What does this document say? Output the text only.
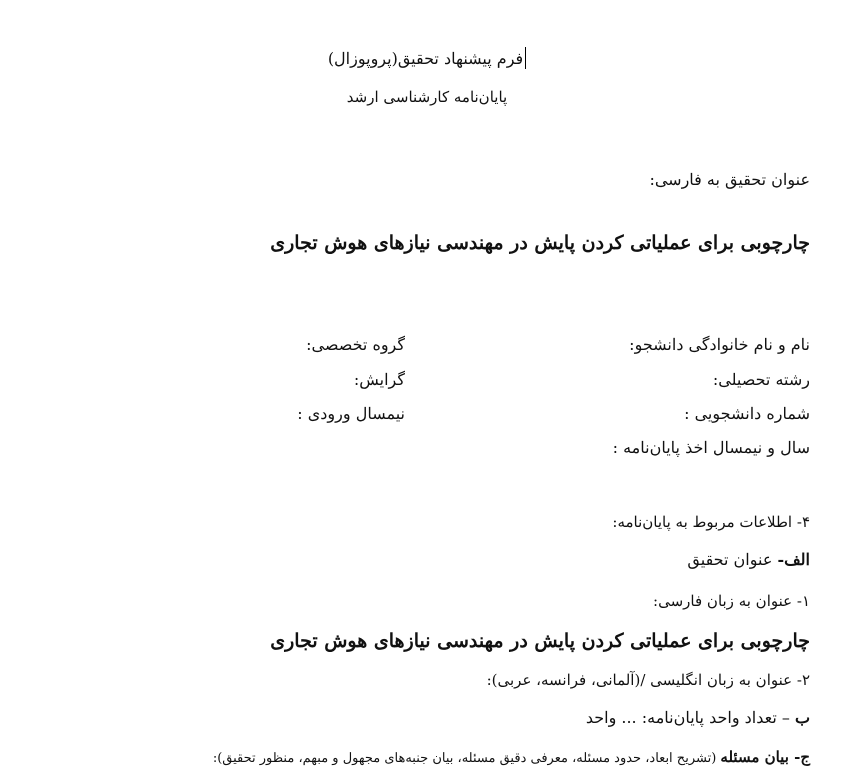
فرم پیشنهاد تحقیق(پروپوزال)
پایان‌نامه کارشناسی ارشد
عنوان تحقیق به فارسی:
چارچوبی برای عملیاتی کردن پایش در مهندسی نیازهای هوش تجاری
نام و نام خانوادگی دانشجو:
گروه تخصصی:
رشته تحصیلی:
گرایش:
شماره دانشجویی :
نیمسال ورودی :
سال و نیمسال اخذ پایان‌نامه :
۴- اطلاعات مربوط به پایان‌نامه:
الف- عنوان تحقیق
۱- عنوان به زبان فارسی:
چارچوبی برای عملیاتی کردن پایش در مهندسی نیازهای هوش تجاری
۲- عنوان به زبان انگلیسی /(آلمانی، فرانسه، عربی):
ب – تعداد واحد پایان‌نامه: ... واحد
ج- بیان مسئله (تشریح ابعاد، حدود مسئله، معرفی دقیق مسئله، بیان جنبه‌های مجهول و مبهم، منظور تحقیق):
